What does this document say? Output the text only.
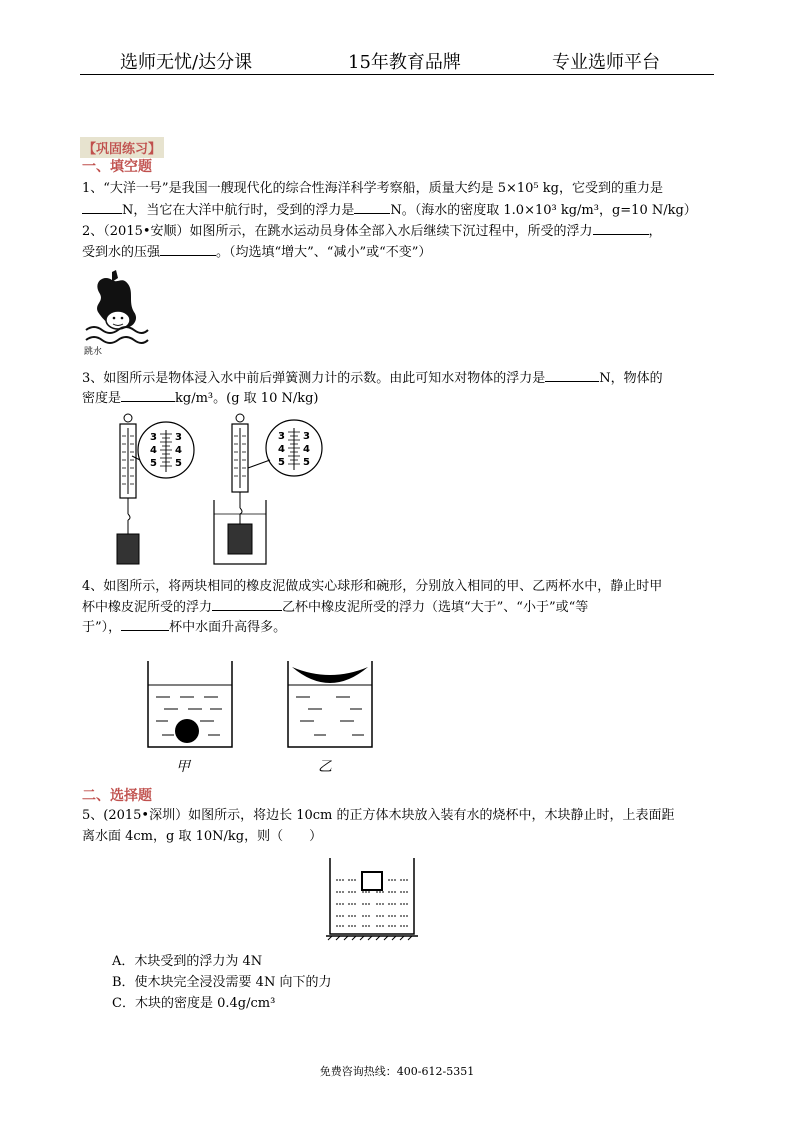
选师无忧/达分课	15年教育品牌	专业选师平台
【巩固练习】
一、填空题
1、“大洋一号”是我国一艘现代化的综合性海洋科学考察船，质量大约是 5×10⁵ kg，它受到的重力是
N，当它在大洋中航行时，受到的浮力是	N。（海水的密度取 1.0×10³ kg/m³，g=10 N/kg）
2、（2015•安顺）如图所示，在跳水运动员身体全部入水后继续下沉过程中，所受的浮力	，
受到水的压强	。（均选填“增大”、“减小”或“不变”）
跳水
3、如图所示是物体浸入水中前后弹簧测力计的示数。由此可知水对物体的浮力是	N，物体的
密度是	kg/m³。(g 取 10 N/kg)
3
4
5
3
4
5
3
4
5
3
4
5
4、如图所示，将两块相同的橡皮泥做成实心球形和碗形，分别放入相同的甲、乙两杯水中，静止时甲
杯中橡皮泥所受的浮力	乙杯中橡皮泥所受的浮力（选填“大于”、“小于”或“等
于”），	杯中水面升高得多。
甲	乙
二、选择题
5、(2015•深圳）如图所示，将边长 10cm 的正方体木块放入装有水的烧杯中，木块静止时，上表面距
离水面 4cm，g 取 10N/kg，则（　　）
A．木块受到的浮力为 4N
B．使木块完全浸没需要 4N 向下的力
C．木块的密度是 0.4g/cm³
免费咨询热线：400-612-5351
